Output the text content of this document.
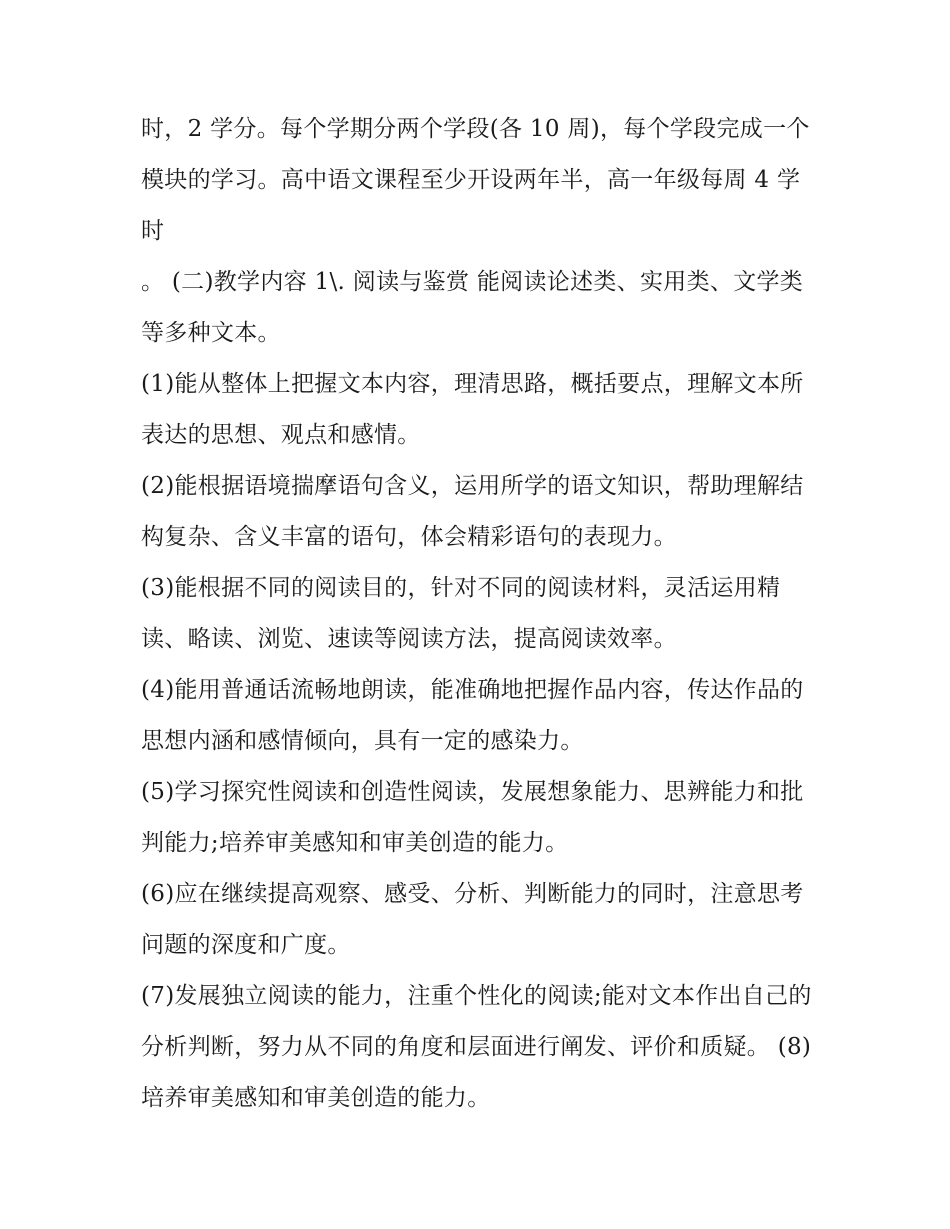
时，2 学分。每个学期分两个学段(各 10 周)，每个学段完成一个模块的学习。高中语文课程至少开设两年半，高一年级每周 4 学时

。 (二)教学内容 1\. 阅读与鉴赏 能阅读论述类、实用类、文学类等多种文本。

(1)能从整体上把握文本内容，理清思路，概括要点，理解文本所表达的思想、观点和感情。

(2)能根据语境揣摩语句含义，运用所学的语文知识，帮助理解结构复杂、含义丰富的语句，体会精彩语句的表现力。

(3)能根据不同的阅读目的，针对不同的阅读材料，灵活运用精读、略读、浏览、速读等阅读方法，提高阅读效率。

(4)能用普通话流畅地朗读，能准确地把握作品内容，传达作品的思想内涵和感情倾向，具有一定的感染力。

(5)学习探究性阅读和创造性阅读，发展想象能力、思辨能力和批判能力;培养审美感知和审美创造的能力。

(6)应在继续提高观察、感受、分析、判断能力的同时，注意思考问题的深度和广度。

(7)发展独立阅读的能力，注重个性化的阅读;能对文本作出自己的分析判断，努力从不同的角度和层面进行阐发、评价和质疑。 (8)培养审美感知和审美创造的能力。
